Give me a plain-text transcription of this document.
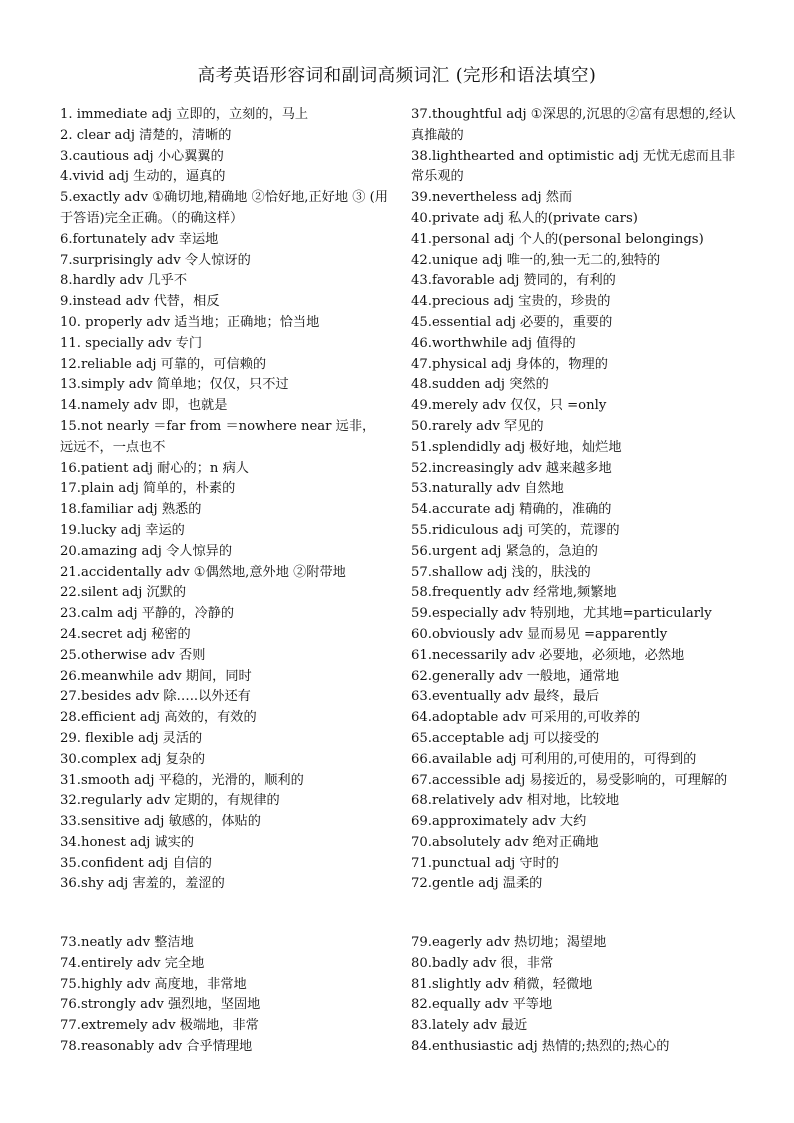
高考英语形容词和副词高频词汇 (完形和语法填空)
1. immediate adj 立即的，立刻的，马上
2. clear adj 清楚的，清晰的
3.cautious adj 小心翼翼的
4.vivid adj 生动的，逼真的
5.exactly adv ①确切地,精确地 ②恰好地,正好地 ③ (用于答语)完全正确。（的确这样）
6.fortunately adv 幸运地
7.surprisingly adv 令人惊讶的
8.hardly adv 几乎不
9.instead adv 代替，相反
10. properly adv 适当地；正确地；恰当地
11. specially adv 专门
12.reliable adj 可靠的，可信赖的
13.simply adv 简单地；仅仅，只不过
14.namely adv 即，也就是
15.not nearly ＝far from ＝nowhere near 远非，远远不，一点也不
16.patient adj 耐心的；n 病人
17.plain adj 简单的，朴素的
18.familiar adj 熟悉的
19.lucky adj 幸运的
20.amazing adj 令人惊异的
21.accidentally adv ①偶然地,意外地 ②附带地
22.silent adj 沉默的
23.calm adj 平静的，冷静的
24.secret adj 秘密的
25.otherwise adv 否则
26.meanwhile adv 期间，同时
27.besides adv 除…..以外还有
28.efficient adj 高效的，有效的
29. flexible adj 灵活的
30.complex adj 复杂的
31.smooth adj 平稳的，光滑的，顺利的
32.regularly adv 定期的，有规律的
33.sensitive adj 敏感的，体贴的
34.honest adj 诚实的
35.confident adj 自信的
36.shy adj 害羞的，羞涩的
37.thoughtful adj ①深思的,沉思的②富有思想的,经认真推敲的
38.lighthearted and optimistic adj 无忧无虑而且非常乐观的
39.nevertheless adj 然而
40.private adj 私人的(private cars)
41.personal adj 个人的(personal belongings)
42.unique adj 唯一的,独一无二的,独特的
43.favorable adj 赞同的，有利的
44.precious adj 宝贵的，珍贵的
45.essential adj 必要的，重要的
46.worthwhile adj 值得的
47.physical adj 身体的，物理的
48.sudden adj 突然的
49.merely adv 仅仅，只 =only
50.rarely adv 罕见的
51.splendidly adj 极好地，灿烂地
52.increasingly adv 越来越多地
53.naturally adv 自然地
54.accurate adj 精确的，准确的
55.ridiculous adj 可笑的，荒谬的
56.urgent adj 紧急的，急迫的
57.shallow adj 浅的，肤浅的
58.frequently adv 经常地,频繁地
59.especially adv 特别地，尤其地=particularly
60.obviously adv 显而易见 =apparently
61.necessarily adv 必要地，必须地，必然地
62.generally adv 一般地，通常地
63.eventually adv 最终，最后
64.adoptable adv 可采用的,可收养的
65.acceptable adj 可以接受的
66.available adj 可利用的,可使用的，可得到的
67.accessible adj 易接近的，易受影响的，可理解的
68.relatively adv 相对地，比较地
69.approximately adv 大约
70.absolutely adv 绝对正确地
71.punctual adj 守时的
72.gentle adj 温柔的
73.neatly adv 整洁地
74.entirely adv 完全地
75.highly adv 高度地，非常地
76.strongly adv 强烈地，坚固地
77.extremely adv 极端地，非常
78.reasonably adv 合乎情理地
79.eagerly adv 热切地；渴望地
80.badly adv 很，非常
81.slightly adv 稍微，轻微地
82.equally adv 平等地
83.lately adv 最近
84.enthusiastic adj 热情的;热烈的;热心的
